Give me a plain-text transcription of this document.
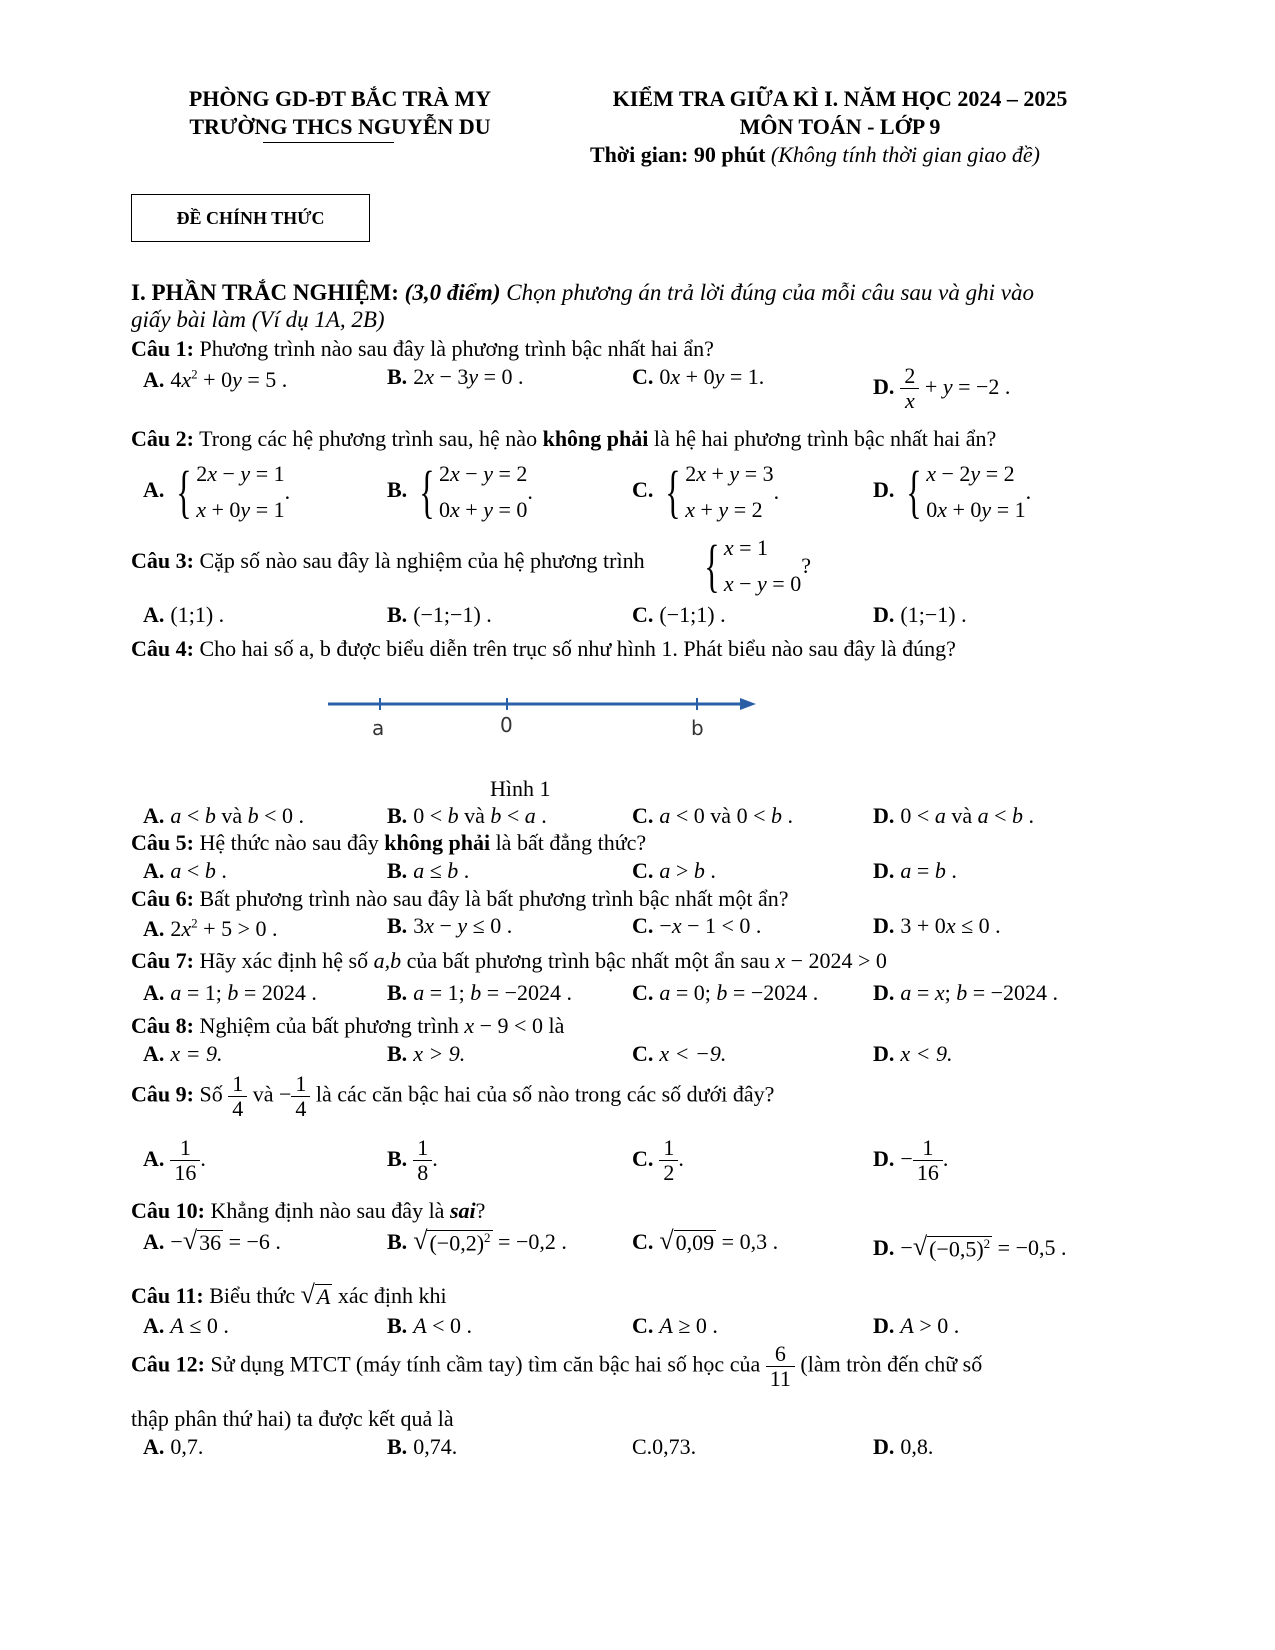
PHÒNG GD-ĐT BẮC TRÀ MY
TRƯỜNG THCS NGUYỄN DU
KIỂM TRA GIỮA KÌ I. NĂM HỌC 2024 – 2025
MÔN TOÁN - LỚP 9
Thời gian: 90 phút (Không tính thời gian giao đề)
ĐỀ CHÍNH THỨC
I. PHẦN TRẮC NGHIỆM: (3,0 điểm) Chọn phương án trả lời đúng của mỗi câu sau và ghi vào
giấy bài làm (Ví dụ 1A, 2B)
Câu 1: Phương trình nào sau đây là phương trình bậc nhất hai ẩn?
A. $4x^2 + 0y = 5$ .	B. 2x − 3y = 0 .	C. 0x + 0y = 1.	D. $\frac{2}{x} + y = -2$ .
Câu 2: Trong các hệ phương trình sau, hệ nào không phải là hệ hai phương trình bậc nhất hai ẩn?
A. { 2x − y = 1
x + 0y = 1
.	B. { 2x − y = 2
0x + y = 0
.	C. { 2x + y = 3
x + y = 2
.	D. { x − 2y = 2
0x + 0y = 1
.
Câu 3: Cặp số nào sau đây là nghiệm của hệ phương trình { x = 1
x − y = 0
?
A. (1;1) .	B. (−1;−1) .	C. (−1;1) .	D. (1;−1) .
Câu 4: Cho hai số a, b được biểu diễn trên trục số như hình 1. Phát biểu nào sau đây là đúng?
a	0	b
Hình 1
A. a < b và b < 0 .	B. 0 < b và b < a .	C. a < 0 và 0 < b .	D. 0 < a và a < b .
Câu 5: Hệ thức nào sau đây không phải là bất đẳng thức?
A. a < b .	B. a ≤ b .	C. a > b .	D. a = b .
Câu 6: Bất phương trình nào sau đây là bất phương trình bậc nhất một ẩn?
A. $2x^2 + 5 > 0$ .	B. 3x − y ≤ 0 .	C. −x − 1 < 0 .	D. 3 + 0x ≤ 0 .
Câu 7: Hãy xác định hệ số a,b của bất phương trình bậc nhất một ẩn sau x − 2024 > 0
A. a = 1; b = 2024 .	B. a = 1; b = −2024 .	C. a = 0; b = −2024 . D. a = x; b = −2024 .
Câu 8: Nghiệm của bất phương trình x − 9 < 0 là
A. x = 9.	B. x > 9.	C. x < −9.	D. x < 9.
Câu 9: Số $\frac{1}{4}$ và − $\frac{1}{4}$ là các căn bậc hai của số nào trong các số dưới đây?
A. $\frac{1}{16}$ .	B. $\frac{1}{8}$ .	C. $\frac{1}{2}$ .	D. − $\frac{1}{16}$ .
Câu 10: Khẳng định nào sau đây là sai?
A. − √ 36 = −6 .	B. √ $(-0,2)^2 = -0,2$ .	C. √ 0,09 = 0,3 .	D. − √ $(-0,5)^2 = -0,5$ .
Câu 11: Biểu thức √ A xác định khi
A. A ≤ 0 .	B. A < 0 .	C. A ≥ 0 .	D. A > 0 .
Câu 12: Sử dụng MTCT (máy tính cầm tay) tìm căn bậc hai số học của $\frac{6}{11}$ (làm tròn đến chữ số
thập phân thứ hai) ta được kết quả là
A. 0,7.	B. 0,74.	C.0,73.	D. 0,8.
